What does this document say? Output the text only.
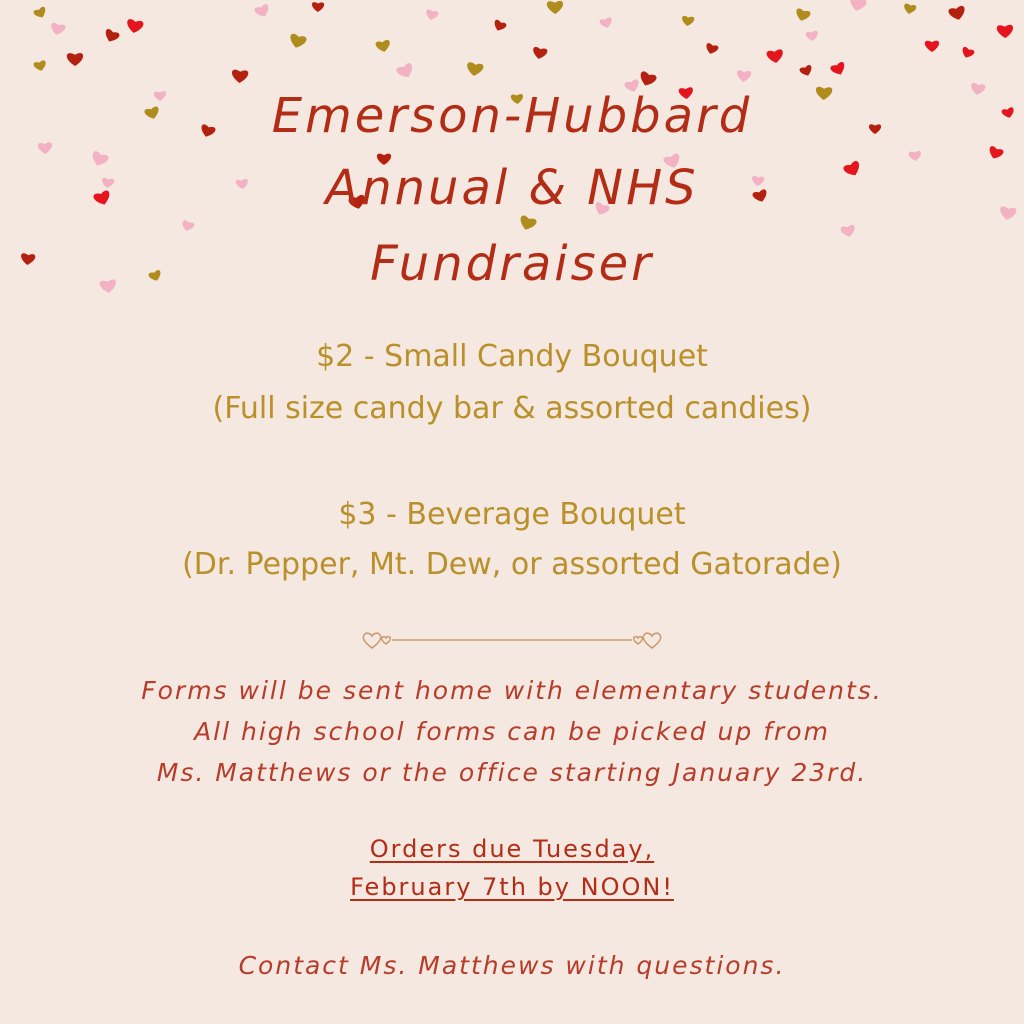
Emerson-Hubbard
Annual & NHS
Fundraiser
$2 - Small Candy Bouquet
(Full size candy bar & assorted candies)
$3 - Beverage Bouquet
(Dr. Pepper, Mt. Dew, or assorted Gatorade)
Forms will be sent home with elementary students.
All high school forms can be picked up from
Ms. Matthews or the office starting January 23rd.
Orders due Tuesday,
February 7th by NOON!
Contact Ms. Matthews with questions.
